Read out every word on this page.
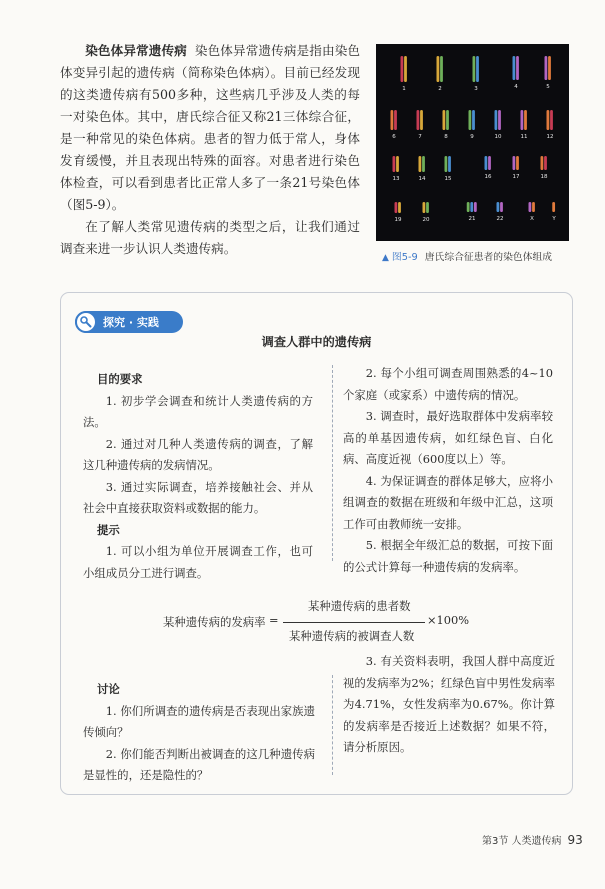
染色体异常遗传病 染色体异常遗传病是指由染色体变异引起的遗传病（简称染色体病）。目前已经发现的这类遗传病有500多种，这些病几乎涉及人类的每一对染色体。其中，唐氏综合征又称21三体综合征，是一种常见的染色体病。患者的智力低于常人，身体发育缓慢，并且表现出特殊的面容。对患者进行染色体检查，可以看到患者比正常人多了一条21号染色体（图5-9）。

在了解人类常见遗传病的类型之后，让我们通过调查来进一步认识人类遗传病。

1	2	3	4	5
6	7	8	9	10	11	12
13	14	15	16	17	18
19	20	21	22	X	Y
▲ 图5-9 唐氏综合征患者的染色体组成
探究 · 实践
调查人群中的遗传病
目的要求

1. 初步学会调查和统计人类遗传病的方法。

2. 通过对几种人类遗传病的调查，了解这几种遗传病的发病情况。

3. 通过实际调查，培养接触社会、并从社会中直接获取资料或数据的能力。

提示

1. 可以小组为单位开展调查工作，也可小组成员分工进行调查。

2. 每个小组可调查周围熟悉的4~10个家庭（或家系）中遗传病的情况。

3. 调查时，最好选取群体中发病率较高的单基因遗传病，如红绿色盲、白化病、高度近视（600度以上）等。

4. 为保证调查的群体足够大，应将小组调查的数据在班级和年级中汇总，这项工作可由教师统一安排。

5. 根据全年级汇总的数据，可按下面的公式计算每一种遗传病的发病率。

某种遗传病的发病率 =
某种遗传病的患者数
某种遗传病的被调查人数
×100%
讨论

1. 你们所调查的遗传病是否表现出家族遗传倾向？

2. 你们能否判断出被调查的这几种遗传病是显性的，还是隐性的？

3. 有关资料表明，我国人群中高度近视的发病率为2%；红绿色盲中男性发病率为4.71%，女性发病率为0.67%。你计算的发病率是否接近上述数据？如果不符，请分析原因。

第3节 人类遗传病 93
